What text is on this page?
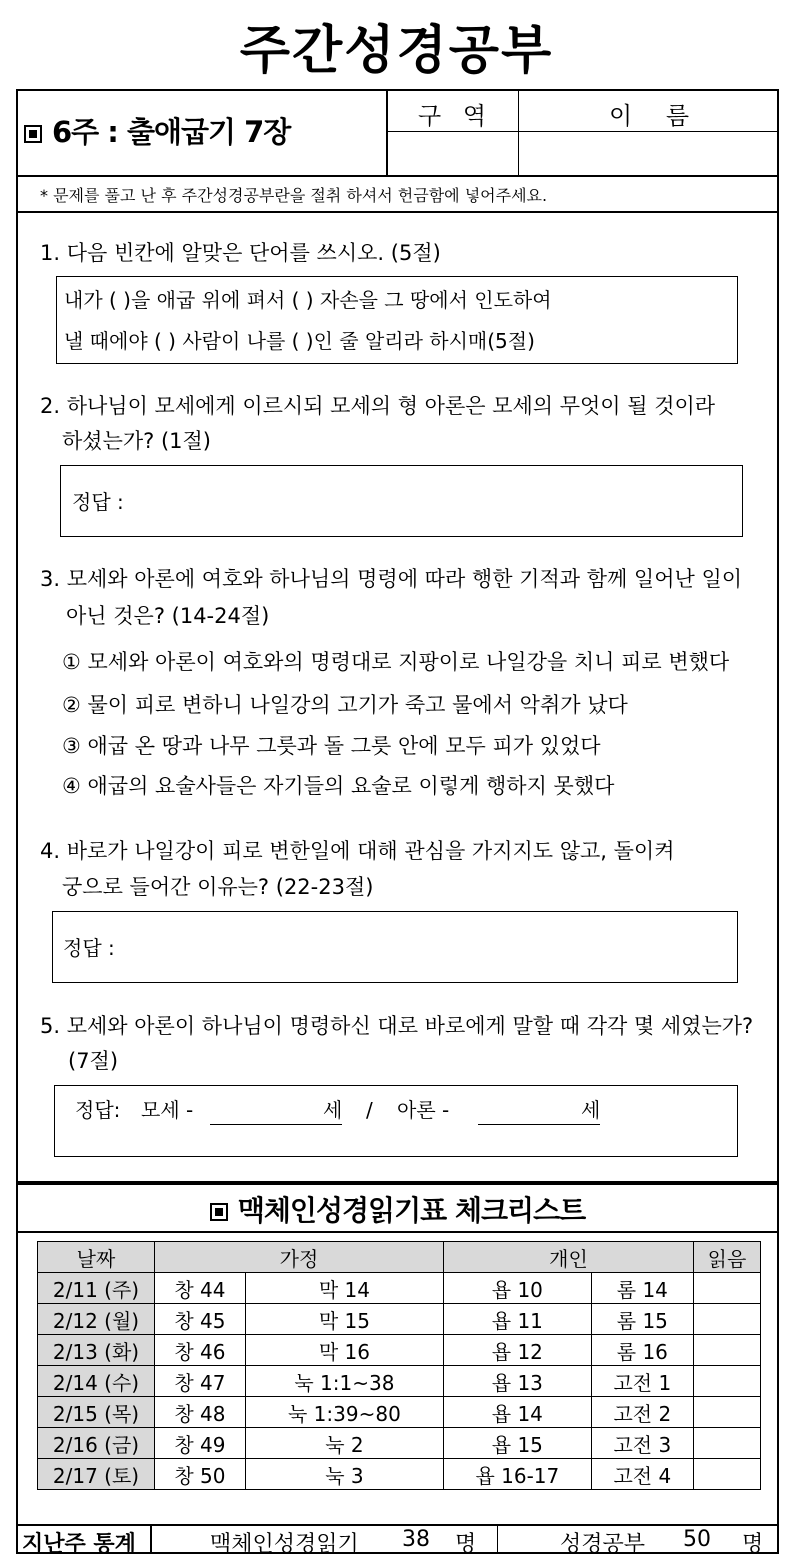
주간성경공부
6주 : 출애굽기 7장	구 역	이 름
* 문제를 풀고 난 후 주간성경공부란을 절취 하셔서 헌금함에 넣어주세요.
1. 다음 빈칸에 알맞은 단어를 쓰시오. (5절)
내가 ( )을 애굽 위에 펴서 ( ) 자손을 그 땅에서 인도하여
낼 때에야 ( ) 사람이 나를 ( )인 줄 알리라 하시매(5절)
2. 하나님이 모세에게 이르시되 모세의 형 아론은 모세의 무엇이 될 것이라
하셨는가? (1절)
정답 :
3. 모세와 아론에 여호와 하나님의 명령에 따라 행한 기적과 함께 일어난 일이
아닌 것은? (14-24절)
① 모세와 아론이 여호와의 명령대로 지팡이로 나일강을 치니 피로 변했다
② 물이 피로 변하니 나일강의 고기가 죽고 물에서 악취가 났다
③ 애굽 온 땅과 나무 그릇과 돌 그릇 안에 모두 피가 있었다
④ 애굽의 요술사들은 자기들의 요술로 이렇게 행하지 못했다
4. 바로가 나일강이 피로 변한일에 대해 관심을 가지지도 않고, 돌이켜
궁으로 들어간 이유는? (22-23절)
정답 :
5. 모세와 아론이 하나님이 명령하신 대로 바로에게 말할 때 각각 몇 세였는가?
(7절)
정답: 모세 -	세 / 아론 -	세
맥체인성경읽기표 체크리스트
날짜	가정		개인		읽음
2/11 (주)	창 44	막 14	욥 10	롬 14	
2/12 (월)	창 45	막 15	욥 11	롬 15	
2/13 (화)	창 46	막 16	욥 12	롬 16	
2/14 (수)	창 47	눅 1:1~38	욥 13	고전 1	
2/15 (목)	창 48	눅 1:39~80	욥 14	고전 2	
2/16 (금)	창 49	눅 2	욥 15	고전 3	
2/17 (토)	창 50	눅 3	욥 16-17	고전 4	
지난주 통계	맥체인성경읽기 38 명	성경공부 50 명
